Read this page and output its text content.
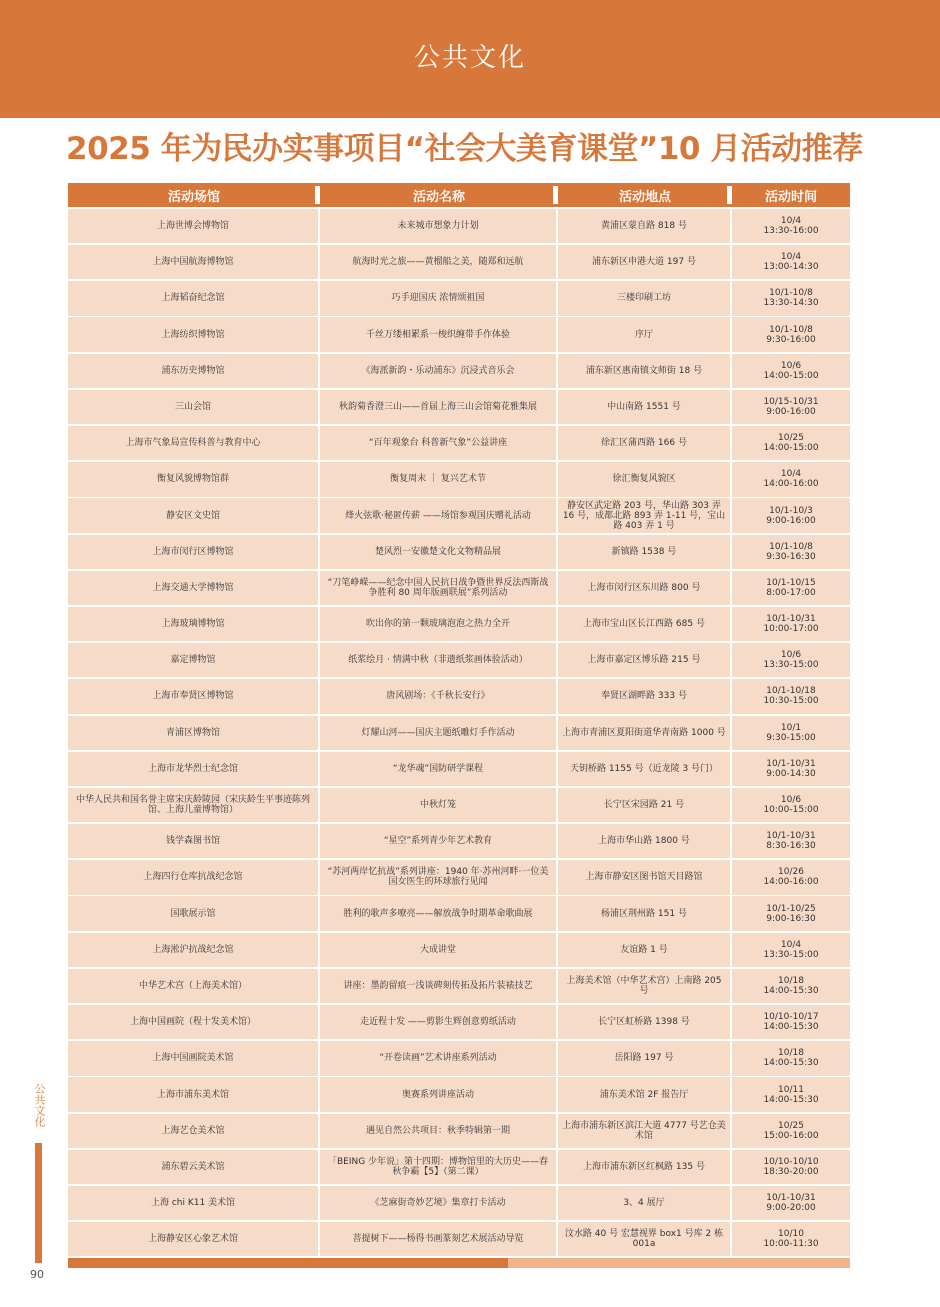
公共文化
2025 年为民办实事项目“社会大美育课堂”10 月活动推荐
活动场馆	活动名称	活动地点	活动时间
上海世博会博物馆	未来城市想象力计划	黄浦区蒙自路 818 号	10/4
13:30-16:00
上海中国航海博物馆	航海时光之旅——黄榴船之美，随郑和远航	浦东新区申港大道 197 号	10/4
13:00-14:30
上海韬奋纪念馆	巧手迎国庆 浓情颂祖国	三楼印刷工坊	10/1-10/8
13:30-14:30
上海纺织博物馆	千丝万缕相累系一梭织缠带手作体验	序厅	10/1-10/8
9:30-16:00
浦东历史博物馆	《海派新韵・乐动浦东》沉浸式音乐会	浦东新区惠南镇文师街 18 号	10/6
14:00-15:00
三山会馆	秋韵菊香澄三山——首届上海三山会馆菊花雅集展	中山南路 1551 号	10/15-10/31
9:00-16:00
上海市气象局宣传科普与教育中心	“百年观象台 科普新气象”公益讲座	徐汇区蒲西路 166 号	10/25
14:00-15:00
衡复风貌博物馆群	衡复周末 ｜ 复兴艺术节	徐汇衡复风貌区	10/4
14:00-16:00
静安区文史馆	烽火弦歌·秘匿传薪 ——场馆参观国庆赠礼活动
静安区武定路 203 号，华山路 303 弄 16 号，成都北路 893 弄 1-11 号，宝山路 403 弄 1 号
10/1-10/3
9:00-16:00
上海市闵行区博物馆	楚风烈一安徽楚文化文物精品展	新镇路 1538 号	10/1-10/8
9:30-16:30
上海交通大学博物馆	“刀笔峥嵘——纪念中国人民抗日战争暨世界反法西斯战争胜利 80 周年版画联展”系列活动	上海市闵行区东川路 800 号	10/1-10/15
8:00-17:00
上海玻璃博物馆	吹出你的第一颗玻璃泡泡之热力全开	上海市宝山区长江西路 685 号	10/1-10/31
10:00-17:00
嘉定博物馆	纸浆绘月 · 情满中秋（非遗纸浆画体验活动）	上海市嘉定区博乐路 215 号	10/6
13:30-15:00
上海市奉贤区博物馆	唐风剧场：《千秋长安行》	奉贤区湖畔路 333 号	10/1-10/18
10:30-15:00
青浦区博物馆	灯耀山河——国庆主题纸雕灯手作活动	上海市青浦区夏阳街道华青南路 1000 号	10/1
9:30-15:00
上海市龙华烈士纪念馆	“龙华魂”国防研学课程	天钥桥路 1155 号（近龙陵 3 号门）	10/1-10/31
9:00-14:30
中华人民共和国名誉主席宋庆龄陵园（宋庆龄生平事迹陈列馆、上海儿童博物馆）	中秋灯笼	长宁区宋园路 21 号	10/6
10:00-15:00
钱学森图书馆	“星空”系列青少年艺术教育	上海市华山路 1800 号	10/1-10/31
8:30-16:30
上海四行仓库抗战纪念馆	“苏河两岸忆抗战”系列讲座：1940 年·苏州河畔·一位美国女医生的环球旅行见闻	上海市静安区图书馆天目路馆	10/26
14:00-16:00
国歌展示馆	胜利的歌声多嘹亮——解放战争时期革命歌曲展	杨浦区荆州路 151 号	10/1-10/25
9:00-16:30
上海淞沪抗战纪念馆	大成讲堂	友谊路 1 号	10/4
13:30-15:00
中华艺术宫（上海美术馆）	讲座：墨韵留痕一浅谈碑刻传拓及拓片装裱技艺	上海美术馆（中华艺术宫）上南路 205 号
10/18
14:00-15:30
上海中国画院（程十发美术馆）	走近程十发 ——剪影生辉创意剪纸活动	长宁区虹桥路 1398 号	10/10-10/17
14:00-15:30
上海中国画院美术馆	“开卷读画”艺术讲座系列活动	岳阳路 197 号	10/18
14:00-15:30
上海市浦东美术馆	奥赛系列讲座活动	浦东美术馆 2F 报告厅	10/11
14:00-15:30
上海艺仓美术馆	遇见自然公共项目：秋季特辑第一期	上海市浦东新区滨江大道 4777 号艺仓美术馆
10/25
15:00-16:00
浦东碧云美术馆	「BEING 少年说」第十四期：博物馆里的大历史——春秋争霸【5】（第二课）	上海市浦东新区红枫路 135 号	10/10-10/10
18:30-20:00
上海 chi K11 美术馆	《芝麻街奇妙艺境》集章打卡活动	3、4 展厅	10/1-10/31
9:00-20:00
上海静安区心象艺术馆	菩提树下——杨得书画篆刻艺术展活动导览	汶水路 40 号 宏慧视界 box1 号库 2 栋 001a
10/10
10:00-11:30
公共文化
90
